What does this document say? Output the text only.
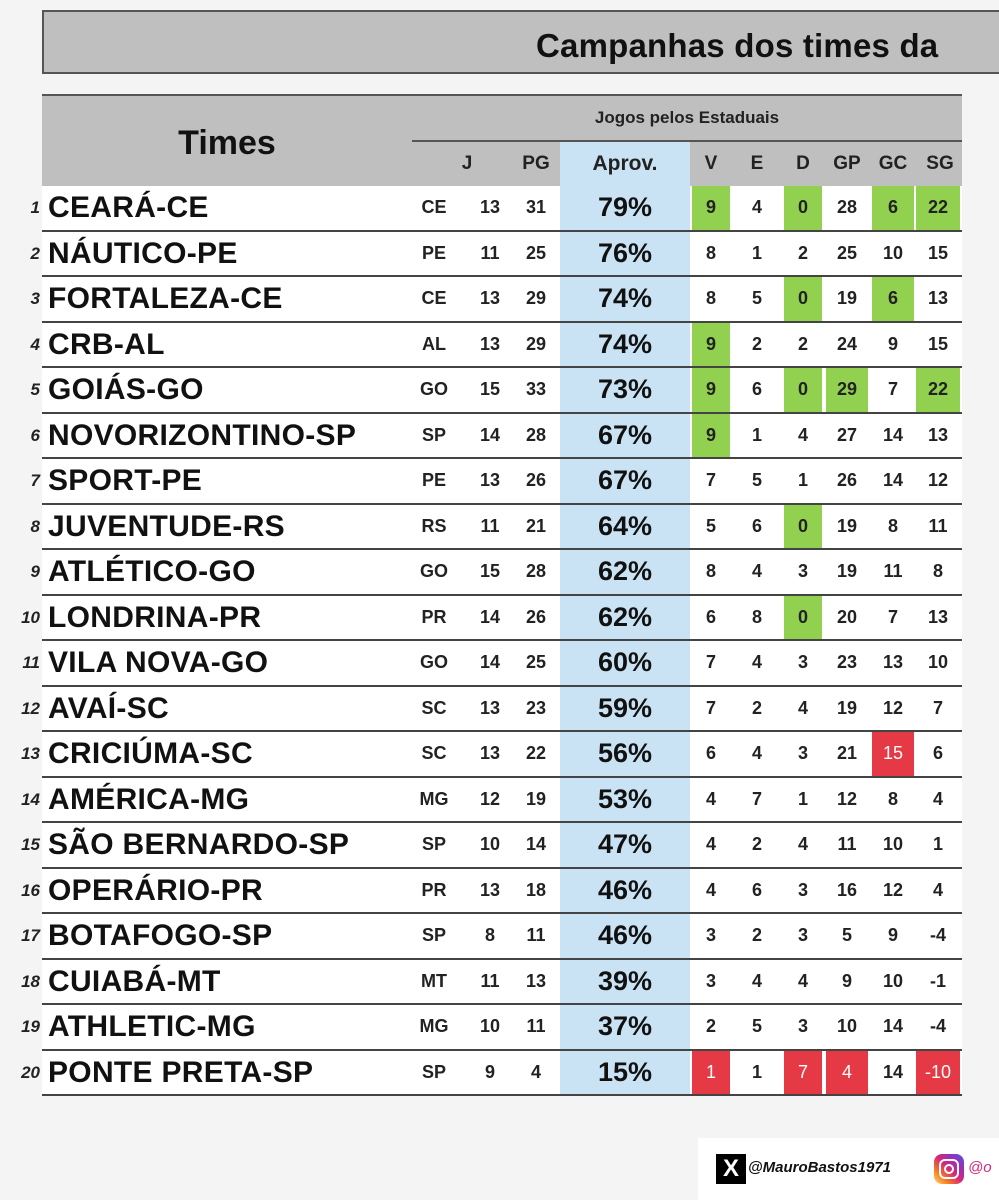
Campanhas dos times da
Times
Jogos pelos Estaduais
J	PG	Aprov.	V	E	D	GP GC	SG
1 CEARÁ-CE	CE	13	31	79%	9	4	0	28	6	22
2 NÁUTICO-PE	PE	11	25	76%	8	1	2	25	10	15
3 FORTALEZA-CE	CE	13	29	74%	8	5	0	19	6	13
4 CRB-AL	AL	13	29	74%	9	2	2	24	9	15
5 GOIÁS-GO	GO	15	33	73%	9	6	0	29	7	22
6 NOVORIZONTINO-SP	SP	14	28	67%	9	1	4	27	14	13
7 SPORT-PE	PE	13	26	67%	7	5	1	26	14	12
8 JUVENTUDE-RS	RS	11	21	64%	5	6	0	19	8	11
9 ATLÉTICO-GO	GO	15	28	62%	8	4	3	19	11	8
10 LONDRINA-PR	PR	14	26	62%	6	8	0	20	7	13
11 VILA NOVA-GO	GO	14	25	60%	7	4	3	23	13	10
12 AVAÍ-SC	SC	13	23	59%	7	2	4	19	12	7
13 CRICIÚMA-SC	SC	13	22	56%	6	4	3	21	15	6
14 AMÉRICA-MG	MG	12	19	53%	4	7	1	12	8	4
15 SÃO BERNARDO-SP	SP	10	14	47%	4	2	4	11	10	1
16 OPERÁRIO-PR	PR	13	18	46%	4	6	3	16	12	4
17 BOTAFOGO-SP	SP	8	11	46%	3	2	3	5	9	-4
18 CUIABÁ-MT	MT	11	13	39%	3	4	4	9	10	-1
19 ATHLETIC-MG	MG	10	11	37%	2	5	3	10	14	-4
20 PONTE PRETA-SP	SP	9	4	15%	1	1	7	4	14	-10
X @MauroBastos1971	@o
